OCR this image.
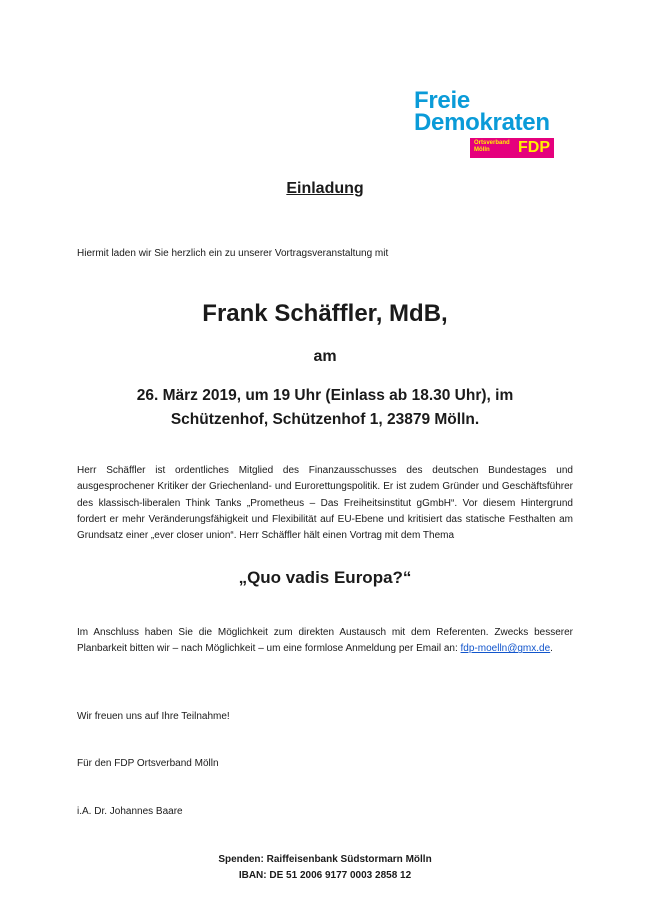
Freie
Demokraten
Ortsverband
Mölln	FDP
Einladung
Hiermit laden wir Sie herzlich ein zu unserer Vortragsveranstaltung mit
Frank Schäffler, MdB,
am
26. März 2019, um 19 Uhr (Einlass ab 18.30 Uhr), im
Schützenhof, Schützenhof 1, 23879 Mölln.

Herr Schäffler ist ordentliches Mitglied des Finanzausschusses des deutschen Bundestages und ausgesprochener Kritiker der Griechenland- und Eurorettungspolitik. Er ist zudem Gründer und Geschäftsführer des klassisch-liberalen Think Tanks „Prometheus – Das Freiheitsinstitut gGmbH“. Vor diesem Hintergrund fordert er mehr Veränderungsfähigkeit und Flexibilität auf EU-Ebene und kritisiert das statische Festhalten am Grundsatz einer „ever closer union“. Herr Schäffler hält einen Vortrag mit dem Thema

„Quo vadis Europa?“

Im Anschluss haben Sie die Möglichkeit zum direkten Austausch mit dem Referenten. Zwecks besserer Planbarkeit bitten wir – nach Möglichkeit – um eine formlose Anmeldung per Email an: fdp-moelln@gmx.de.

Wir freuen uns auf Ihre Teilnahme!
Für den FDP Ortsverband Mölln
i.A. Dr. Johannes Baare
Spenden: Raiffeisenbank Südstormarn Mölln
IBAN: DE 51 2006 9177 0003 2858 12
